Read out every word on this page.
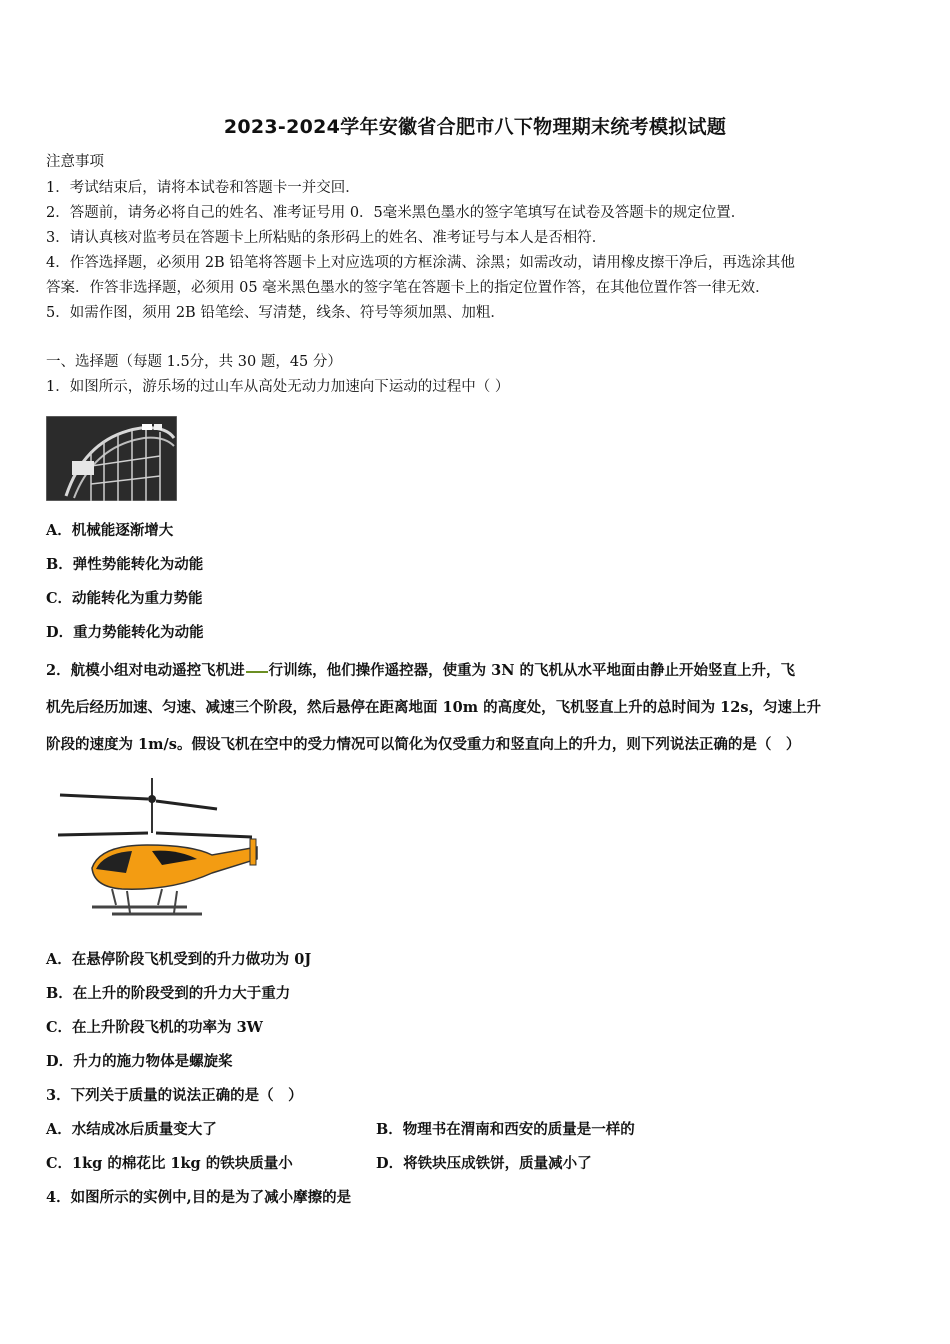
2023-2024学年安徽省合肥市八下物理期末统考模拟试题
注意事项
1．考试结束后，请将本试卷和答题卡一并交回．
2．答题前，请务必将自己的姓名、准考证号用 0．5毫米黑色墨水的签字笔填写在试卷及答题卡的规定位置．
3．请认真核对监考员在答题卡上所粘贴的条形码上的姓名、准考证号与本人是否相符．
4．作答选择题，必须用 2B 铅笔将答题卡上对应选项的方框涂满、涂黑；如需改动，请用橡皮擦干净后，再选涂其他
答案．作答非选择题，必须用 05 毫米黑色墨水的签字笔在答题卡上的指定位置作答，在其他位置作答一律无效．
5．如需作图，须用 2B 铅笔绘、写清楚，线条、符号等须加黑、加粗．
一、选择题（每题 1.5分，共 30 题，45 分）
1．如图所示，游乐场的过山车从高处无动力加速向下运动的过程中（ ）
A．机械能逐渐增大
B．弹性势能转化为动能
C．动能转化为重力势能
D．重力势能转化为动能
2．航模小组对电动遥控飞机进 行训练，他们操作遥控器，使重为 3N 的飞机从水平地面由静止开始竖直上升，飞
机先后经历加速、匀速、减速三个阶段，然后悬停在距离地面 10m 的高度处，飞机竖直上升的总时间为 12s，匀速上升
阶段的速度为 1m/s。假设飞机在空中的受力情况可以简化为仅受重力和竖直向上的升力，则下列说法正确的是（　）
A．在悬停阶段飞机受到的升力做功为 0J
B．在上升的阶段受到的升力大于重力
C．在上升阶段飞机的功率为 3W
D．升力的施力物体是螺旋桨
3．下列关于质量的说法正确的是（　）
A．水结成冰后质量变大了	B．物理书在渭南和西安的质量是一样的
C．1kg 的棉花比 1kg 的铁块质量小	D．将铁块压成铁饼，质量减小了
4．如图所示的实例中,目的是为了减小摩擦的是
